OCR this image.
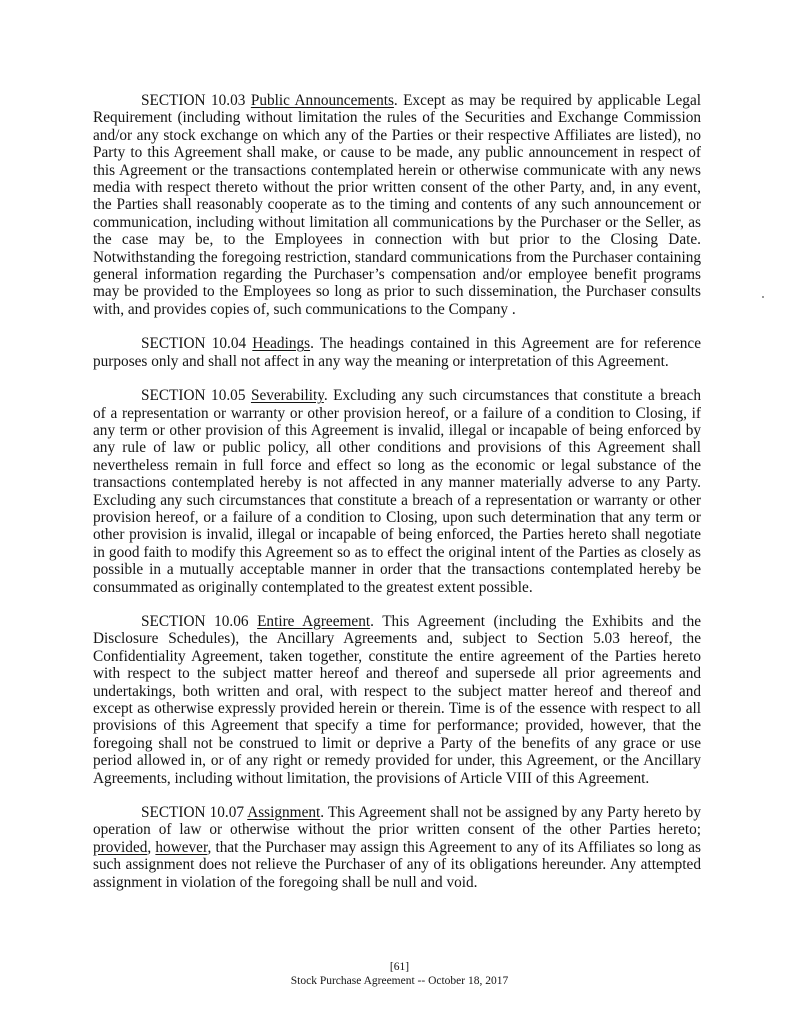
SECTION 10.03 Public Announcements. Except as may be required by applicable Legal Requirement (including without limitation the rules of the Securities and Exchange Commission and/or any stock exchange on which any of the Parties or their respective Affiliates are listed), no Party to this Agreement shall make, or cause to be made, any public announcement in respect of this Agreement or the transactions contemplated herein or otherwise communicate with any news media with respect thereto without the prior written consent of the other Party, and, in any event, the Parties shall reasonably cooperate as to the timing and contents of any such announcement or communication, including without limitation all communications by the Purchaser or the Seller, as the case may be, to the Employees in connection with but prior to the Closing Date. Notwithstanding the foregoing restriction, standard communications from the Purchaser containing general information regarding the Purchaser’s compensation and/or employee benefit programs may be provided to the Employees so long as prior to such dissemination, the Purchaser consults with, and provides copies of, such communications to the Company .

SECTION 10.04 Headings. The headings contained in this Agreement are for reference purposes only and shall not affect in any way the meaning or interpretation of this Agreement.

SECTION 10.05 Severability. Excluding any such circumstances that constitute a breach of a representation or warranty or other provision hereof, or a failure of a condition to Closing, if any term or other provision of this Agreement is invalid, illegal or incapable of being enforced by any rule of law or public policy, all other conditions and provisions of this Agreement shall nevertheless remain in full force and effect so long as the economic or legal substance of the transactions contemplated hereby is not affected in any manner materially adverse to any Party. Excluding any such circumstances that constitute a breach of a representation or warranty or other provision hereof, or a failure of a condition to Closing, upon such determination that any term or other provision is invalid, illegal or incapable of being enforced, the Parties hereto shall negotiate in good faith to modify this Agreement so as to effect the original intent of the Parties as closely as possible in a mutually acceptable manner in order that the transactions contemplated hereby be consummated as originally contemplated to the greatest extent possible.

SECTION 10.06 Entire Agreement. This Agreement (including the Exhibits and the Disclosure Schedules), the Ancillary Agreements and, subject to Section 5.03 hereof, the Confidentiality Agreement, taken together, constitute the entire agreement of the Parties hereto with respect to the subject matter hereof and thereof and supersede all prior agreements and undertakings, both written and oral, with respect to the subject matter hereof and thereof and except as otherwise expressly provided herein or therein. Time is of the essence with respect to all provisions of this Agreement that specify a time for performance; provided, however, that the foregoing shall not be construed to limit or deprive a Party of the benefits of any grace or use period allowed in, or of any right or remedy provided for under, this Agreement, or the Ancillary Agreements, including without limitation, the provisions of Article VIII of this Agreement.

SECTION 10.07 Assignment. This Agreement shall not be assigned by any Party hereto by operation of law or otherwise without the prior written consent of the other Parties hereto; provided, however, that the Purchaser may assign this Agreement to any of its Affiliates so long as such assignment does not relieve the Purchaser of any of its obligations hereunder. Any attempted assignment in violation of the foregoing shall be null and void.

[61]
Stock Purchase Agreement -- October 18, 2017
